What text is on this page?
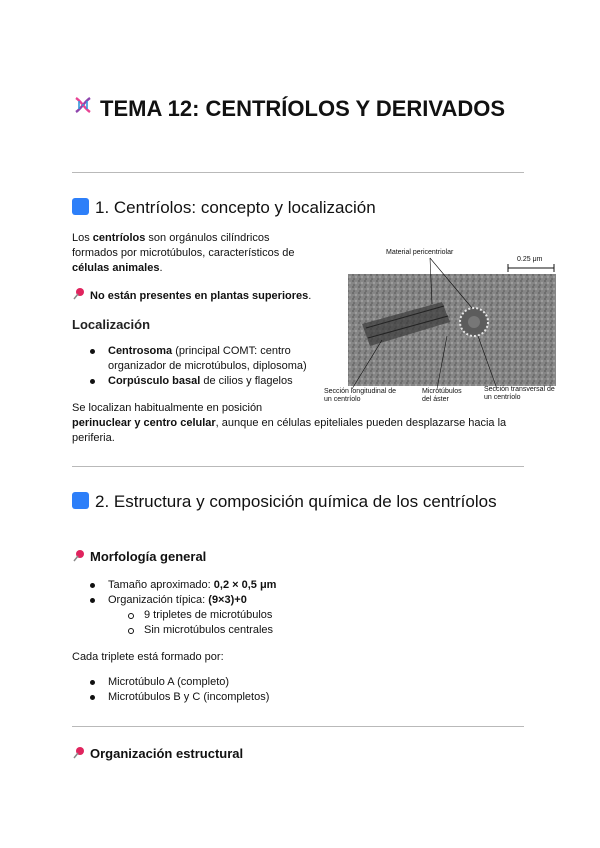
TEMA 12: CENTRÍOLOS Y DERIVADOS
1. Centríolos: concepto y localización
Los centríolos son orgánulos cilíndricos formados por microtúbulos, característicos de células animales.
No están presentes en plantas superiores.
Localización
Centrosoma (principal COMT: centro organizador de microtúbulos, diplosoma)
Corpúsculo basal de cilios y flagelos
Se localizan habitualmente en posición
perinuclear y centro celular, aunque en células epiteliales pueden desplazarse hacia la periferia.
Material pericentriolar
0.25 μm
Sección longitudinal de un centríolo
Microtúbulos del áster
Sección transversal de un centríolo
2. Estructura y composición química de los centríolos
Morfología general
Tamaño aproximado: 0,2 × 0,5 μm
Organización típica: (9×3)+0
9 tripletes de microtúbulos
Sin microtúbulos centrales
Cada triplete está formado por:
Microtúbulo A (completo)
Microtúbulos B y C (incompletos)
Organización estructural
